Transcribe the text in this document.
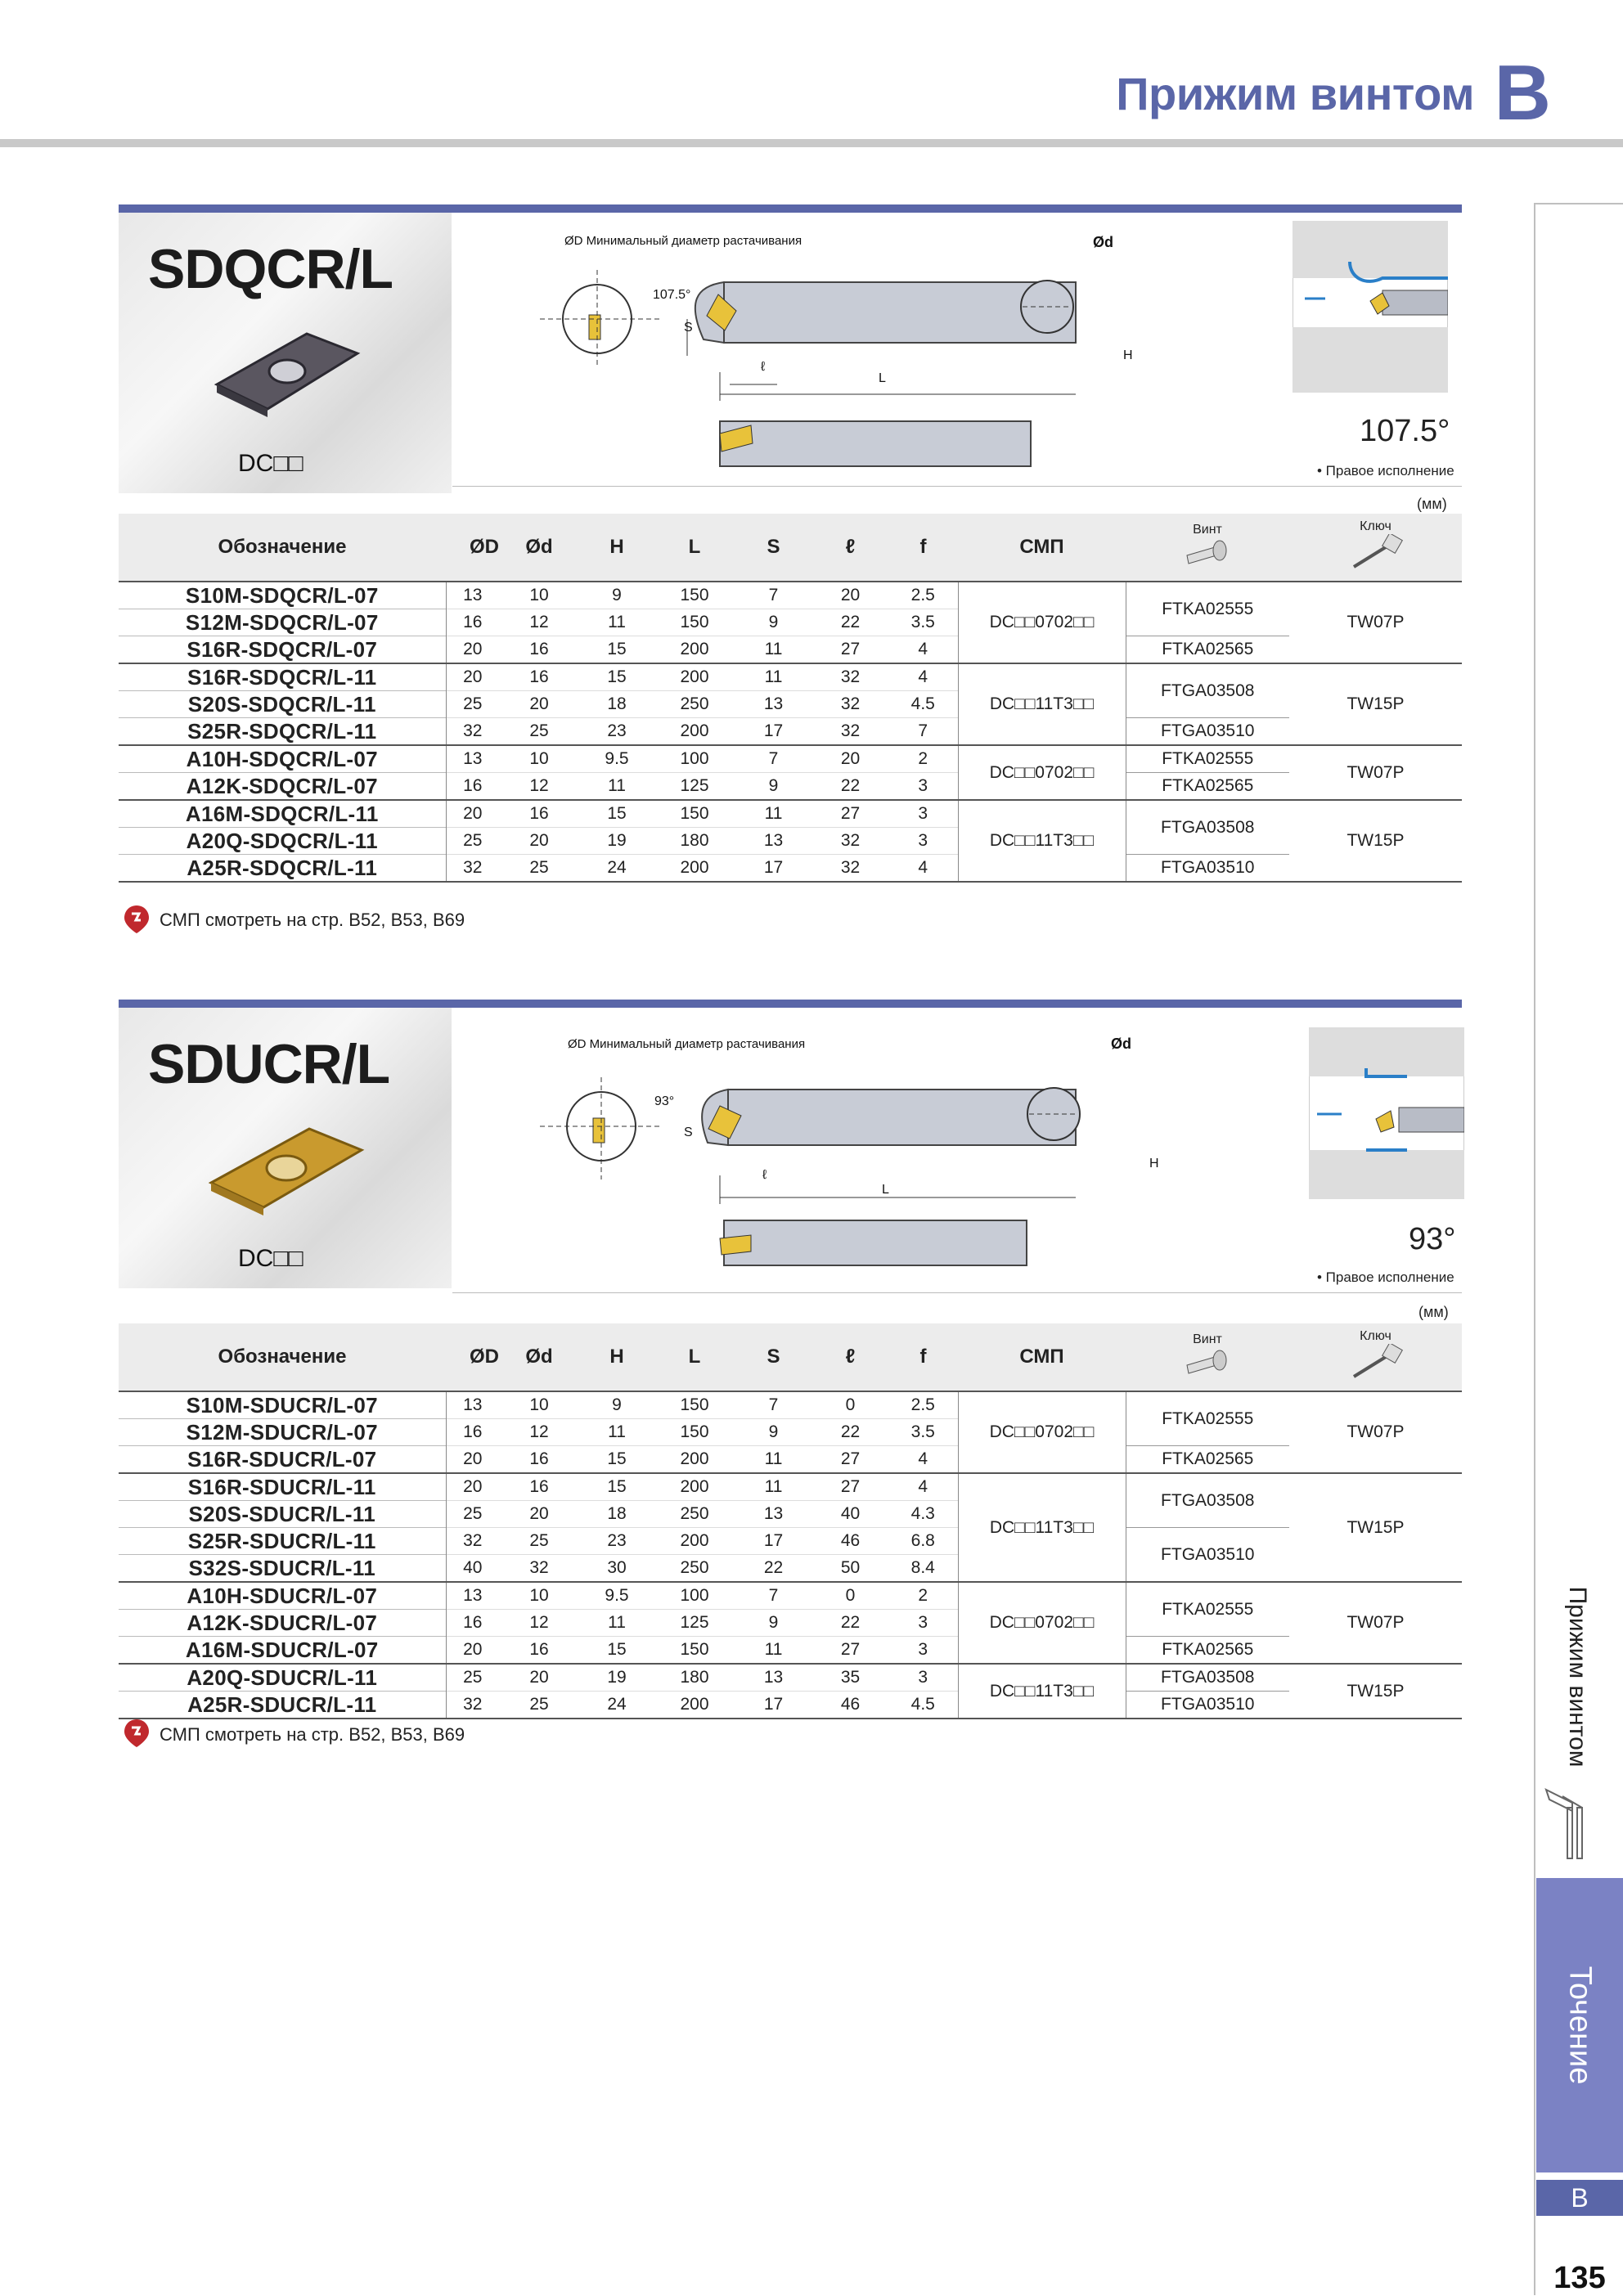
Прижим винтом B
Прижим винтом
Точение
B
135
SDQCR/L
DC□□
ØD Минимальный диаметр растачивания
107.5°
Ød
S
ℓ
L
H
107.5°
• Правое исполнение
(мм)
Обозначение	ØD	Ød	H	L	S	ℓ	f	СМП	Винт	Ключ

S10M-SDQCR/L-07	13	10	9	150	7	20	2.5	DC□□0702□□	FTKA02555	TW07P
S12M-SDQCR/L-07	16	12	11	150	9	22	3.5			
S16R-SDQCR/L-07	20	16	15	200	11	27	4		FTKA02565	
S16R-SDQCR/L-11	20	16	15	200	11	32	4	DC□□11T3□□	FTGA03508	TW15P
S20S-SDQCR/L-11	25	20	18	250	13	32	4.5			
S25R-SDQCR/L-11	32	25	23	200	17	32	7		FTGA03510	
A10H-SDQCR/L-07	13	10	9.5	100	7	20	2	DC□□0702□□	FTKA02555	TW07P
A12K-SDQCR/L-07	16	12	11	125	9	22	3		FTKA02565	
A16M-SDQCR/L-11	20	16	15	150	11	27	3	DC□□11T3□□	FTGA03508	TW15P
A20Q-SDQCR/L-11	25	20	19	180	13	32	3			
A25R-SDQCR/L-11	32	25	24	200	17	32	4		FTGA03510	

СМП смотреть на стр. B52, B53, B69
SDUCR/L
DC□□
ØD Минимальный диаметр растачивания
93°
Ød
S
ℓ
L
H
93°
• Правое исполнение
(мм)
Обозначение	ØD	Ød	H	L	S	ℓ	f	СМП	Винт	Ключ

S10M-SDUCR/L-07	13	10	9	150	7	0	2.5	DC□□0702□□	FTKA02555	TW07P
S12M-SDUCR/L-07	16	12	11	150	9	22	3.5			
S16R-SDUCR/L-07	20	16	15	200	11	27	4		FTKA02565	
S16R-SDUCR/L-11	20	16	15	200	11	27	4	DC□□11T3□□	FTGA03508	TW15P
S20S-SDUCR/L-11	25	20	18	250	13	40	4.3			
S25R-SDUCR/L-11	32	25	23	200	17	46	6.8		FTGA03510	
S32S-SDUCR/L-11	40	32	30	250	22	50	8.4			
A10H-SDUCR/L-07	13	10	9.5	100	7	0	2	DC□□0702□□	FTKA02555	TW07P
A12K-SDUCR/L-07	16	12	11	125	9	22	3			
A16M-SDUCR/L-07	20	16	15	150	11	27	3		FTKA02565	
A20Q-SDUCR/L-11	25	20	19	180	13	35	3	DC□□11T3□□	FTGA03508	TW15P
A25R-SDUCR/L-11	32	25	24	200	17	46	4.5		FTGA03510	

СМП смотреть на стр. B52, B53, B69
